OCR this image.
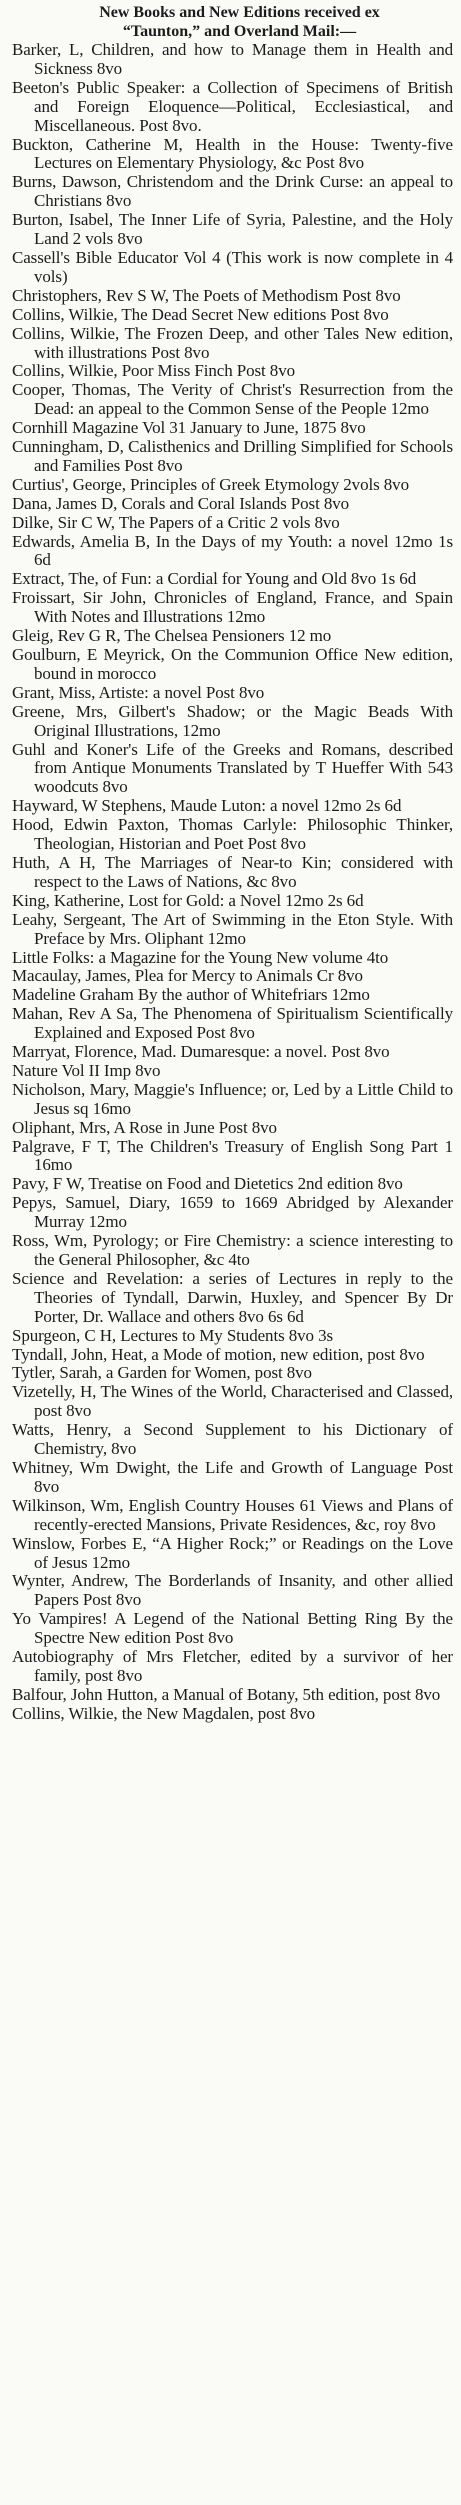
New Books and New Editions received ex
“Taunton,” and Overland Mail:—
Barker, L, Children, and how to Manage them in Health and Sickness 8vo
Beeton's Public Speaker: a Collection of Specimens of British and Foreign Eloquence—Political, Ecclesiastical, and Miscellaneous. Post 8vo.
Buckton, Catherine M, Health in the House: Twenty-five Lectures on Elementary Physiology, &c Post 8vo
Burns, Dawson, Christendom and the Drink Curse: an appeal to Christians 8vo
Burton, Isabel, The Inner Life of Syria, Palestine, and the Holy Land 2 vols 8vo
Cassell's Bible Educator Vol 4 (This work is now complete in 4 vols)
Christophers, Rev S W, The Poets of Methodism Post 8vo
Collins, Wilkie, The Dead Secret New editions Post 8vo
Collins, Wilkie, The Frozen Deep, and other Tales New edition, with illustrations Post 8vo
Collins, Wilkie, Poor Miss Finch Post 8vo
Cooper, Thomas, The Verity of Christ's Resurrection from the Dead: an appeal to the Common Sense of the People 12mo
Cornhill Magazine Vol 31 January to June, 1875 8vo
Cunningham, D, Calisthenics and Drilling Simplified for Schools and Families Post 8vo
Curtius', George, Principles of Greek Etymology 2vols 8vo
Dana, James D, Corals and Coral Islands Post 8vo
Dilke, Sir C W, The Papers of a Critic 2 vols 8vo
Edwards, Amelia B, In the Days of my Youth: a novel 12mo 1s 6d
Extract, The, of Fun: a Cordial for Young and Old 8vo 1s 6d
Froissart, Sir John, Chronicles of England, France, and Spain With Notes and Illustrations 12mo
Gleig, Rev G R, The Chelsea Pensioners 12 mo
Goulburn, E Meyrick, On the Communion Office New edition, bound in morocco
Grant, Miss, Artiste: a novel Post 8vo
Greene, Mrs, Gilbert's Shadow; or the Magic Beads With Original Illustrations, 12mo
Guhl and Koner's Life of the Greeks and Romans, described from Antique Monuments Translated by T Hueffer With 543 woodcuts 8vo
Hayward, W Stephens, Maude Luton: a novel 12mo 2s 6d
Hood, Edwin Paxton, Thomas Carlyle: Philosophic Thinker, Theologian, Historian and Poet Post 8vo
Huth, A H, The Marriages of Near-to Kin; considered with respect to the Laws of Nations, &c 8vo
King, Katherine, Lost for Gold: a Novel 12mo 2s 6d
Leahy, Sergeant, The Art of Swimming in the Eton Style. With Preface by Mrs. Oliphant 12mo
Little Folks: a Magazine for the Young New volume 4to
Macaulay, James, Plea for Mercy to Animals Cr 8vo
Madeline Graham By the author of Whitefriars 12mo
Mahan, Rev A Sa, The Phenomena of Spiritualism Scientifically Explained and Exposed Post 8vo
Marryat, Florence, Mad. Dumaresque: a novel. Post 8vo
Nature Vol II Imp 8vo
Nicholson, Mary, Maggie's Influence; or, Led by a Little Child to Jesus sq 16mo
Oliphant, Mrs, A Rose in June Post 8vo
Palgrave, F T, The Children's Treasury of English Song Part 1 16mo
Pavy, F W, Treatise on Food and Dietetics 2nd edition 8vo
Pepys, Samuel, Diary, 1659 to 1669 Abridged by Alexander Murray 12mo
Ross, Wm, Pyrology; or Fire Chemistry: a science interesting to the General Philosopher, &c 4to
Science and Revelation: a series of Lectures in reply to the Theories of Tyndall, Darwin, Huxley, and Spencer By Dr Porter, Dr. Wallace and others 8vo 6s 6d
Spurgeon, C H, Lectures to My Students 8vo 3s
Tyndall, John, Heat, a Mode of motion, new edition, post 8vo
Tytler, Sarah, a Garden for Women, post 8vo
Vizetelly, H, The Wines of the World, Characterised and Classed, post 8vo
Watts, Henry, a Second Supplement to his Dictionary of Chemistry, 8vo
Whitney, Wm Dwight, the Life and Growth of Language Post 8vo
Wilkinson, Wm, English Country Houses 61 Views and Plans of recently-erected Mansions, Private Residences, &c, roy 8vo
Winslow, Forbes E, “A Higher Rock;” or Readings on the Love of Jesus 12mo
Wynter, Andrew, The Borderlands of Insanity, and other allied Papers Post 8vo
Yo Vampires! A Legend of the National Betting Ring By the Spectre New edition Post 8vo
Autobiography of Mrs Fletcher, edited by a survivor of her family, post 8vo
Balfour, John Hutton, a Manual of Botany, 5th edition, post 8vo
Collins, Wilkie, the New Magdalen, post 8vo
